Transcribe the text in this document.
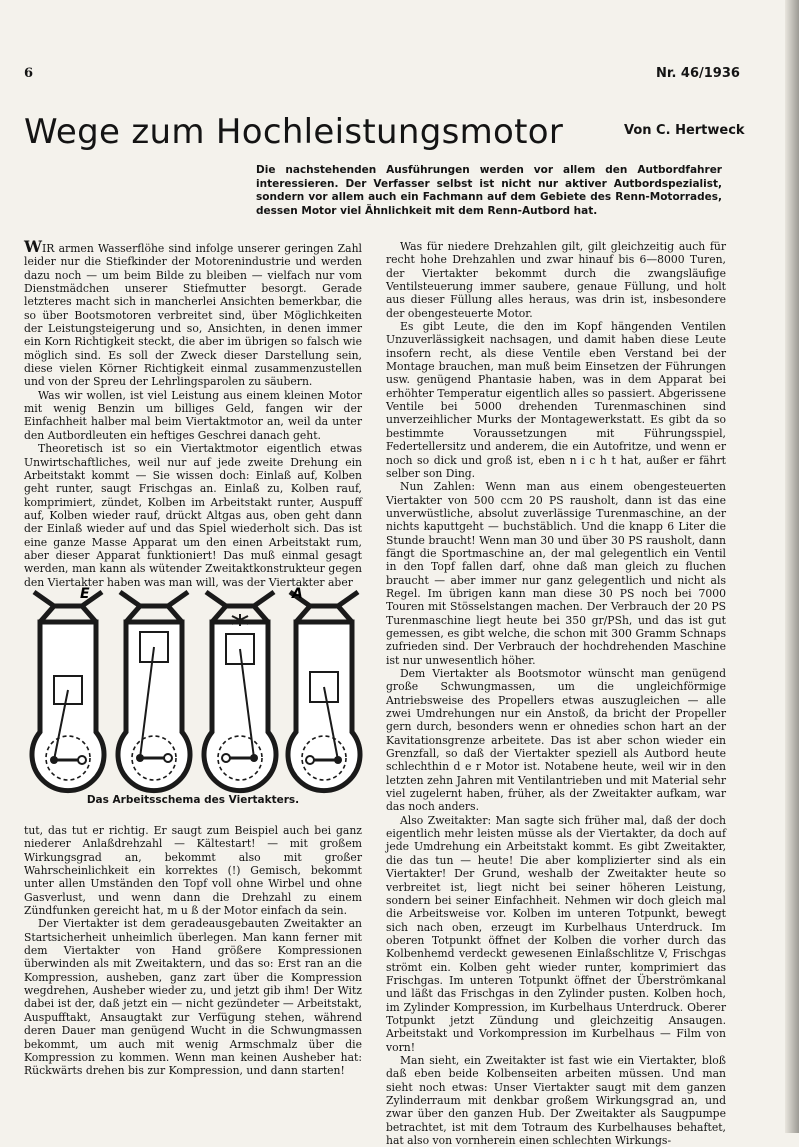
6	Nr. 46/1936
Wege zum Hochleistungsmotor	Von C. Hertweck

Die nachstehenden Ausführungen werden vor allem den Autbordfahrer interessieren. Der Verfasser selbst ist nicht nur aktiver Autbordspezialist, sondern vor allem auch ein Fachmann auf dem Gebiete des Renn-Motorrades, dessen Motor viel Ähnlichkeit mit dem Renn-Autbord hat.

WIR armen Wasserflöhe sind infolge unserer geringen Zahl leider nur die Stiefkinder der Motorenindustrie und werden dazu noch — um beim Bilde zu bleiben — vielfach nur vom Dienstmädchen unserer Stiefmutter besorgt. Gerade letzteres macht sich in mancherlei Ansichten bemerkbar, die so über Bootsmotoren verbreitet sind, über Möglichkeiten der Leistungsteigerung und so, Ansichten, in denen immer ein Korn Richtigkeit steckt, die aber im übrigen so falsch wie möglich sind. Es soll der Zweck dieser Darstellung sein, diese vielen Körner Richtigkeit einmal zusammenzustellen und von der Spreu der Lehrlingsparolen zu säubern.

Was wir wollen, ist viel Leistung aus einem kleinen Motor mit wenig Benzin um billiges Geld, fangen wir der Einfachheit halber mal beim Viertaktmotor an, weil da unter den Autbordleuten ein heftiges Geschrei danach geht.

Theoretisch ist so ein Viertaktmotor eigentlich etwas Unwirtschaftliches, weil nur auf jede zweite Drehung ein Arbeitstakt kommt — Sie wissen doch: Einlaß auf, Kolben geht runter, saugt Frischgas an. Einlaß zu, Kolben rauf, komprimiert, zündet, Kolben im Arbeitstakt runter, Auspuff auf, Kolben wieder rauf, drückt Altgas aus, oben geht dann der Einlaß wieder auf und das Spiel wiederholt sich. Das ist eine ganze Masse Apparat um den einen Arbeitstakt rum, aber dieser Apparat funktioniert! Das muß einmal gesagt werden, man kann als wütender Zweitaktkonstrukteur gegen den Viertakter haben was man will, was der Viertakter aber

E	A
Das Arbeitsschema des Viertakters.

tut, das tut er richtig. Er saugt zum Beispiel auch bei ganz niederer Anlaßdrehzahl — Kältestart! — mit großem Wirkungsgrad an, bekommt also mit großer Wahrscheinlichkeit ein korrektes (!) Gemisch, bekommt unter allen Umständen den Topf voll ohne Wirbel und ohne Gasverlust, und wenn dann die Drehzahl zu einem Zündfunken gereicht hat, m u ß der Motor einfach da sein.

Der Viertakter ist dem geradeausgebauten Zweitakter an Startsicherheit unheimlich überlegen. Man kann ferner mit dem Viertakter von Hand größere Kompressionen überwinden als mit Zweitaktern, und das so: Erst ran an die Kompression, ausheben, ganz zart über die Kompression wegdrehen, Ausheber wieder zu, und jetzt gib ihm! Der Witz dabei ist der, daß jetzt ein — nicht gezündeter — Arbeitstakt, Auspufftakt, Ansaugtakt zur Verfügung stehen, während deren Dauer man genügend Wucht in die Schwungmassen bekommt, um auch mit wenig Armschmalz über die Kompression zu kommen. Wenn man keinen Ausheber hat: Rückwärts drehen bis zur Kompression, und dann starten!

Was für niedere Drehzahlen gilt, gilt gleichzeitig auch für recht hohe Drehzahlen und zwar hinauf bis 6—8000 Turen, der Viertakter bekommt durch die zwangsläufige Ventilsteuerung immer saubere, genaue Füllung, und holt aus dieser Füllung alles heraus, was drin ist, insbesondere der obengesteuerte Motor.

Es gibt Leute, die den im Kopf hängenden Ventilen Unzuverlässigkeit nachsagen, und damit haben diese Leute insofern recht, als diese Ventile eben Verstand bei der Montage brauchen, man muß beim Einsetzen der Führungen usw. genügend Phantasie haben, was in dem Apparat bei erhöhter Temperatur eigentlich alles so passiert. Abgerissene Ventile bei 5000 drehenden Turenmaschinen sind unverzeihlicher Murks der Montagewerkstatt. Es gibt da so bestimmte Voraussetzungen mit Führungsspiel, Federtellersitz und anderem, die ein Autofritze, und wenn er noch so dick und groß ist, eben n i c h t hat, außer er fährt selber son Ding.

Nun Zahlen: Wenn man aus einem obengesteuerten Viertakter von 500 ccm 20 PS rausholt, dann ist das eine unverwüstliche, absolut zuverlässige Turenmaschine, an der nichts kaputtgeht — buchstäblich. Und die knapp 6 Liter die Stunde braucht! Wenn man 30 und über 30 PS rausholt, dann fängt die Sportmaschine an, der mal gelegentlich ein Ventil in den Topf fallen darf, ohne daß man gleich zu fluchen braucht — aber immer nur ganz gelegentlich und nicht als Regel. Im übrigen kann man diese 30 PS noch bei 7000 Touren mit Stösselstangen machen. Der Verbrauch der 20 PS Turenmaschine liegt heute bei 350 gr/PSh, und das ist gut gemessen, es gibt welche, die schon mit 300 Gramm Schnaps zufrieden sind. Der Verbrauch der hochdrehenden Maschine ist nur unwesentlich höher.

Dem Viertakter als Bootsmotor wünscht man genügend große Schwungmassen, um die ungleichförmige Antriebsweise des Propellers etwas auszugleichen — alle zwei Umdrehungen nur ein Anstoß, da bricht der Propeller gern durch, besonders wenn er ohnedies schon hart an der Kavitationsgrenze arbeitete. Das ist aber schon wieder ein Grenzfall, so daß der Viertakter speziell als Autbord heute schlechthin d e r Motor ist. Notabene heute, weil wir in den letzten zehn Jahren mit Ventilantrieben und mit Material sehr viel zugelernt haben, früher, als der Zweitakter aufkam, war das noch anders.

Also Zweitakter: Man sagte sich früher mal, daß der doch eigentlich mehr leisten müsse als der Viertakter, da doch auf jede Umdrehung ein Arbeitstakt kommt. Es gibt Zweitakter, die das tun — heute! Die aber komplizierter sind als ein Viertakter! Der Grund, weshalb der Zweitakter heute so verbreitet ist, liegt nicht bei seiner höheren Leistung, sondern bei seiner Einfachheit. Nehmen wir doch gleich mal die Arbeitsweise vor. Kolben im unteren Totpunkt, bewegt sich nach oben, erzeugt im Kurbelhaus Unterdruck. Im oberen Totpunkt öffnet der Kolben die vorher durch das Kolbenhemd verdeckt gewesenen Einlaßschlitze V, Frischgas strömt ein. Kolben geht wieder runter, komprimiert das Frischgas. Im unteren Totpunkt öffnet der Überströmkanal und läßt das Frischgas in den Zylinder pusten. Kolben hoch, im Zylinder Kompression, im Kurbelhaus Unterdruck. Oberer Totpunkt jetzt Zündung und gleichzeitig Ansaugen. Arbeitstakt und Vorkompression im Kurbelhaus — Film von vorn!

Man sieht, ein Zweitakter ist fast wie ein Viertakter, bloß daß eben beide Kolbenseiten arbeiten müssen. Und man sieht noch etwas: Unser Viertakter saugt mit dem ganzen Zylinderraum mit denkbar großem Wirkungsgrad an, und zwar über den ganzen Hub. Der Zweitakter als Saugpumpe betrachtet, ist mit dem Totraum des Kurbelhauses behaftet, hat also von vornherein einen schlechten Wirkungs-
